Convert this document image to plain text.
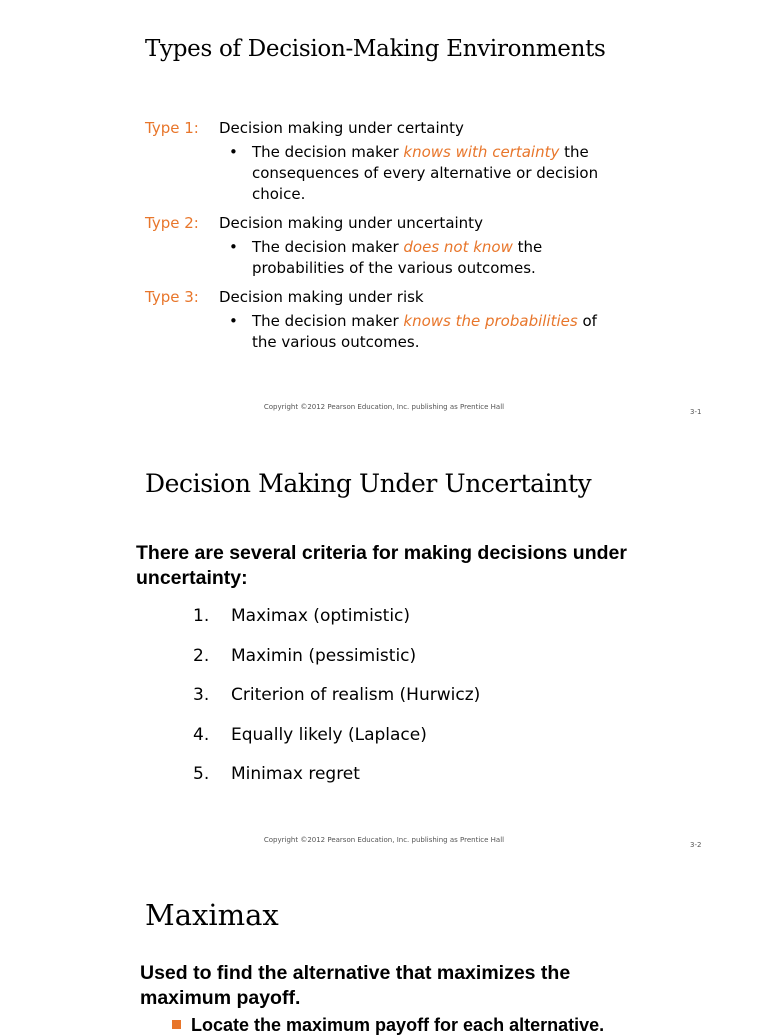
Types of Decision-Making Environments
Type 1:	Decision making under certainty
• The decision maker knows with certainty the consequences of every alternative or decision choice.
Type 2:	Decision making under uncertainty
• The decision maker does not know the probabilities of the various outcomes.
Type 3:	Decision making under risk
• The decision maker knows the probabilities of the various outcomes.
Copyright ©2012 Pearson Education, Inc. publishing as Prentice Hall
3-1
Decision Making Under Uncertainty
There are several criteria for making decisions under uncertainty:
1.	Maximax (optimistic)
2.	Maximin (pessimistic)
3.	Criterion of realism (Hurwicz)
4.	Equally likely (Laplace)
5.	Minimax regret
Copyright ©2012 Pearson Education, Inc. publishing as Prentice Hall
3-2
Maximax
Used to find the alternative that maximizes the maximum payoff.
Locate the maximum payoff for each alternative.
